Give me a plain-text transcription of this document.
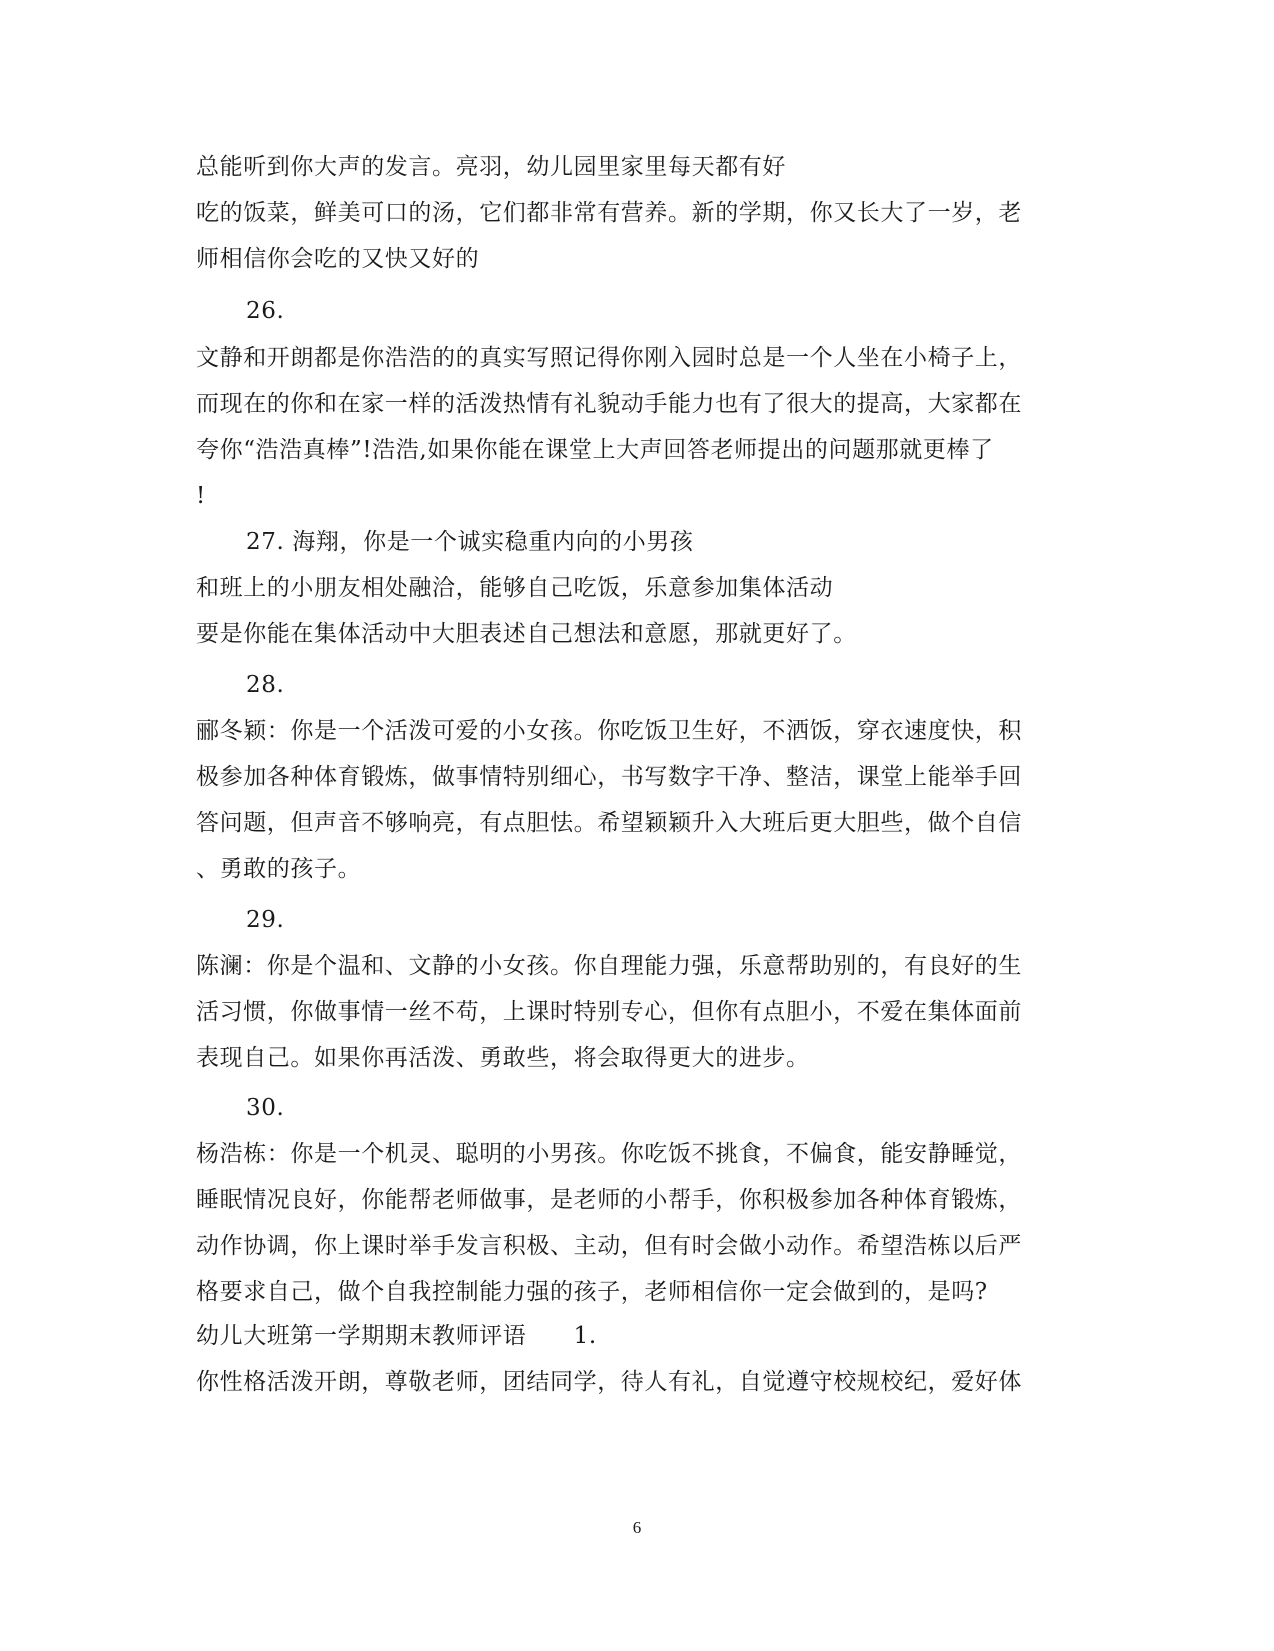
总能听到你大声的发言。亮羽，幼儿园里家里每天都有好
吃的饭菜，鲜美可口的汤，它们都非常有营养。新的学期，你又长大了一岁，老
师相信你会吃的又快又好的
26.
文静和开朗都是你浩浩的的真实写照记得你刚入园时总是一个人坐在小椅子上，
而现在的你和在家一样的活泼热情有礼貌动手能力也有了很大的提高，大家都在
夸你“浩浩真棒”!浩浩,如果你能在课堂上大声回答老师提出的问题那就更棒了
!
27. 海翔，你是一个诚实稳重内向的小男孩
和班上的小朋友相处融洽，能够自己吃饭，乐意参加集体活动
要是你能在集体活动中大胆表述自己想法和意愿，那就更好了。
28.
郦冬颖：你是一个活泼可爱的小女孩。你吃饭卫生好，不洒饭，穿衣速度快，积
极参加各种体育锻炼，做事情特别细心，书写数字干净、整洁，课堂上能举手回
答问题，但声音不够响亮，有点胆怯。希望颖颖升入大班后更大胆些，做个自信
、勇敢的孩子。
29.
陈澜：你是个温和、文静的小女孩。你自理能力强，乐意帮助别的，有良好的生
活习惯，你做事情一丝不苟，上课时特别专心，但你有点胆小，不爱在集体面前
表现自己。如果你再活泼、勇敢些，将会取得更大的进步。
30.
杨浩栋：你是一个机灵、聪明的小男孩。你吃饭不挑食，不偏食，能安静睡觉，
睡眠情况良好，你能帮老师做事，是老师的小帮手，你积极参加各种体育锻炼，
动作协调，你上课时举手发言积极、主动，但有时会做小动作。希望浩栋以后严
格要求自己，做个自我控制能力强的孩子，老师相信你一定会做到的，是吗?
幼儿大班第一学期期末教师评语　　1.
你性格活泼开朗，尊敬老师，团结同学，待人有礼，自觉遵守校规校纪，爱好体
6
